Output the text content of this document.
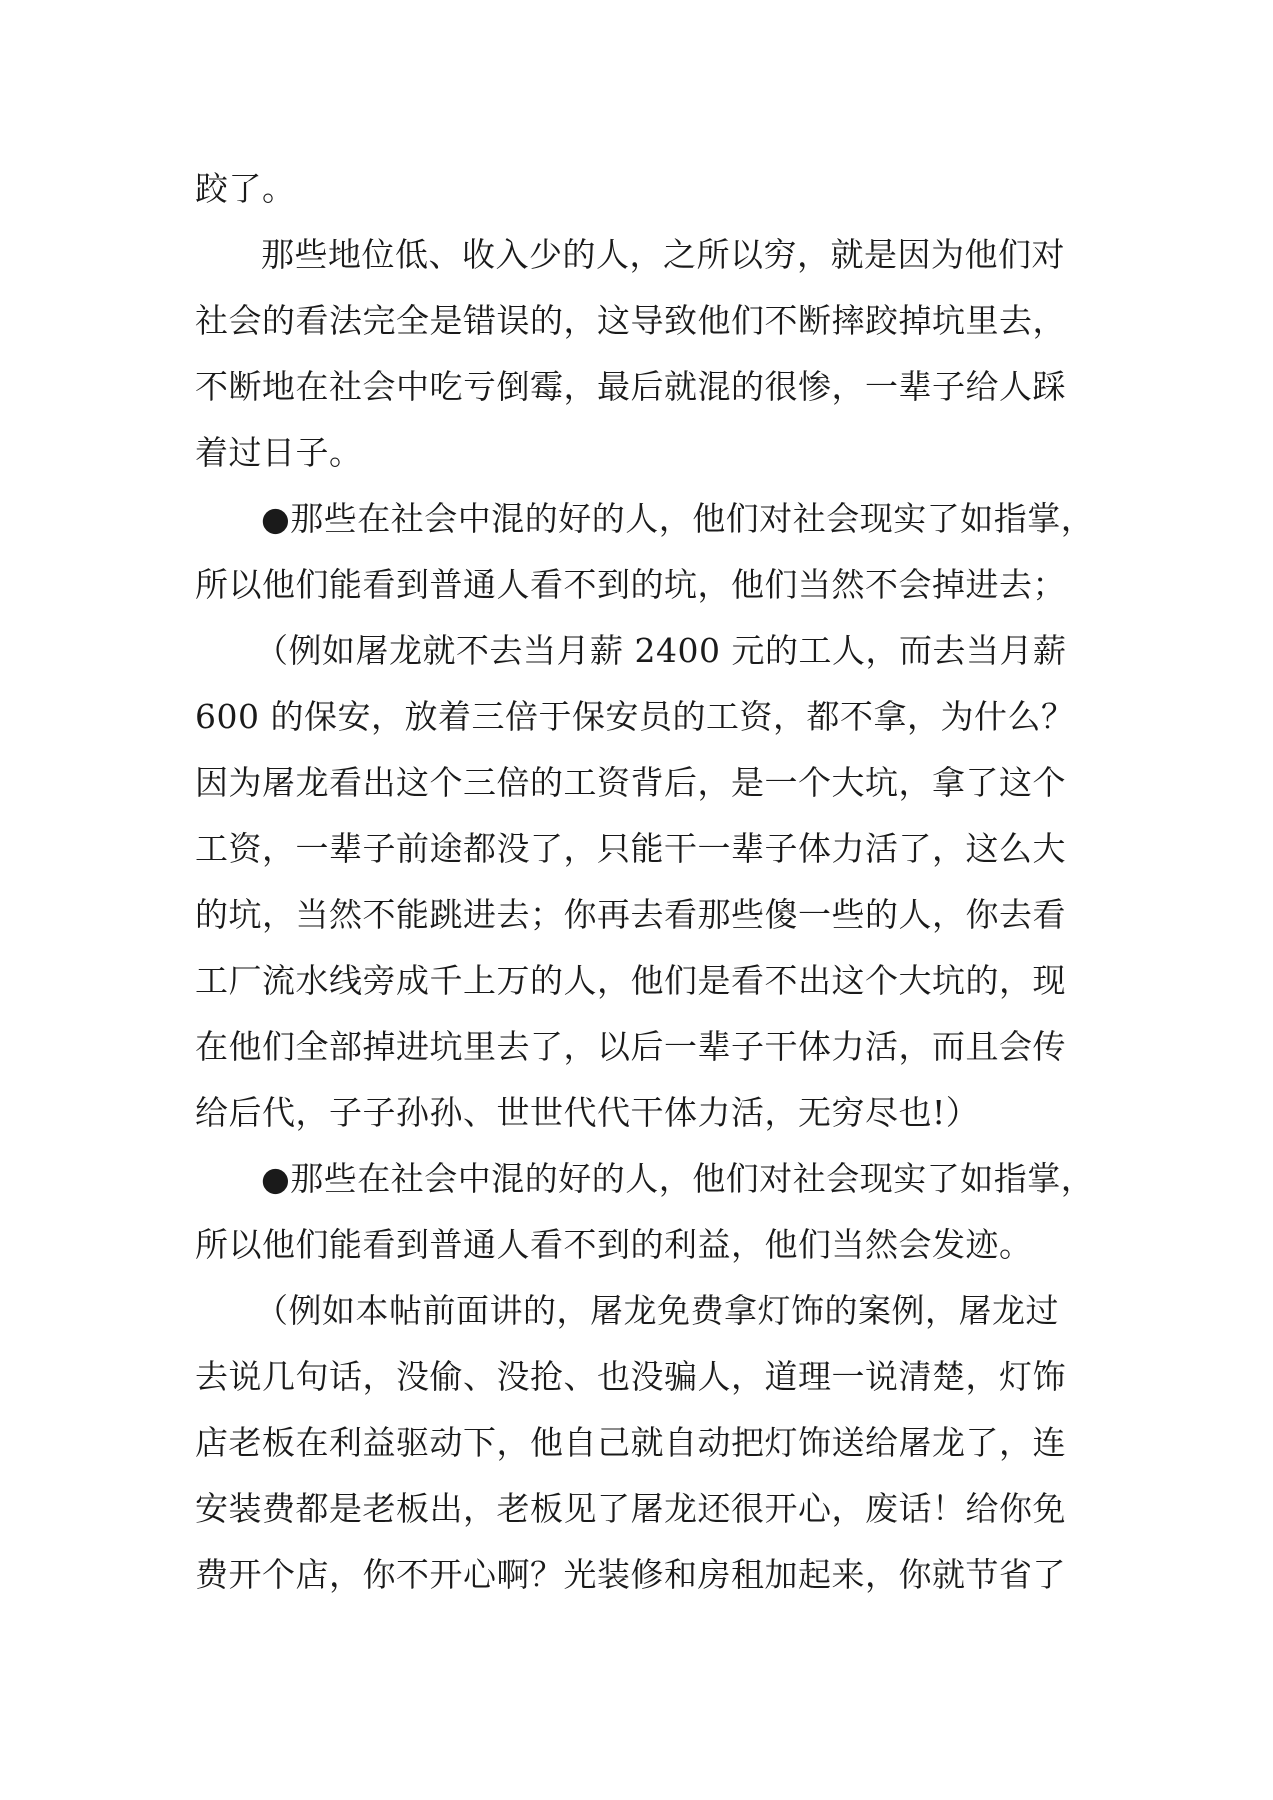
跤了。
那些地位低、收入少的人，之所以穷，就是因为他们对
社会的看法完全是错误的，这导致他们不断摔跤掉坑里去，
不断地在社会中吃亏倒霉，最后就混的很惨，一辈子给人踩
着过日子。
●那些在社会中混的好的人，他们对社会现实了如指掌，
所以他们能看到普通人看不到的坑，他们当然不会掉进去；
（例如屠龙就不去当月薪 2400 元的工人，而去当月薪
600 的保安，放着三倍于保安员的工资，都不拿，为什么？
因为屠龙看出这个三倍的工资背后，是一个大坑，拿了这个
工资，一辈子前途都没了，只能干一辈子体力活了，这么大
的坑，当然不能跳进去；你再去看那些傻一些的人，你去看
工厂流水线旁成千上万的人，他们是看不出这个大坑的，现
在他们全部掉进坑里去了，以后一辈子干体力活，而且会传
给后代，子子孙孙、世世代代干体力活，无穷尽也!）
●那些在社会中混的好的人，他们对社会现实了如指掌，
所以他们能看到普通人看不到的利益，他们当然会发迹。
（例如本帖前面讲的，屠龙免费拿灯饰的案例，屠龙过
去说几句话，没偷、没抢、也没骗人，道理一说清楚，灯饰
店老板在利益驱动下，他自己就自动把灯饰送给屠龙了，连
安装费都是老板出，老板见了屠龙还很开心，废话！给你免
费开个店，你不开心啊？光装修和房租加起来，你就节省了
